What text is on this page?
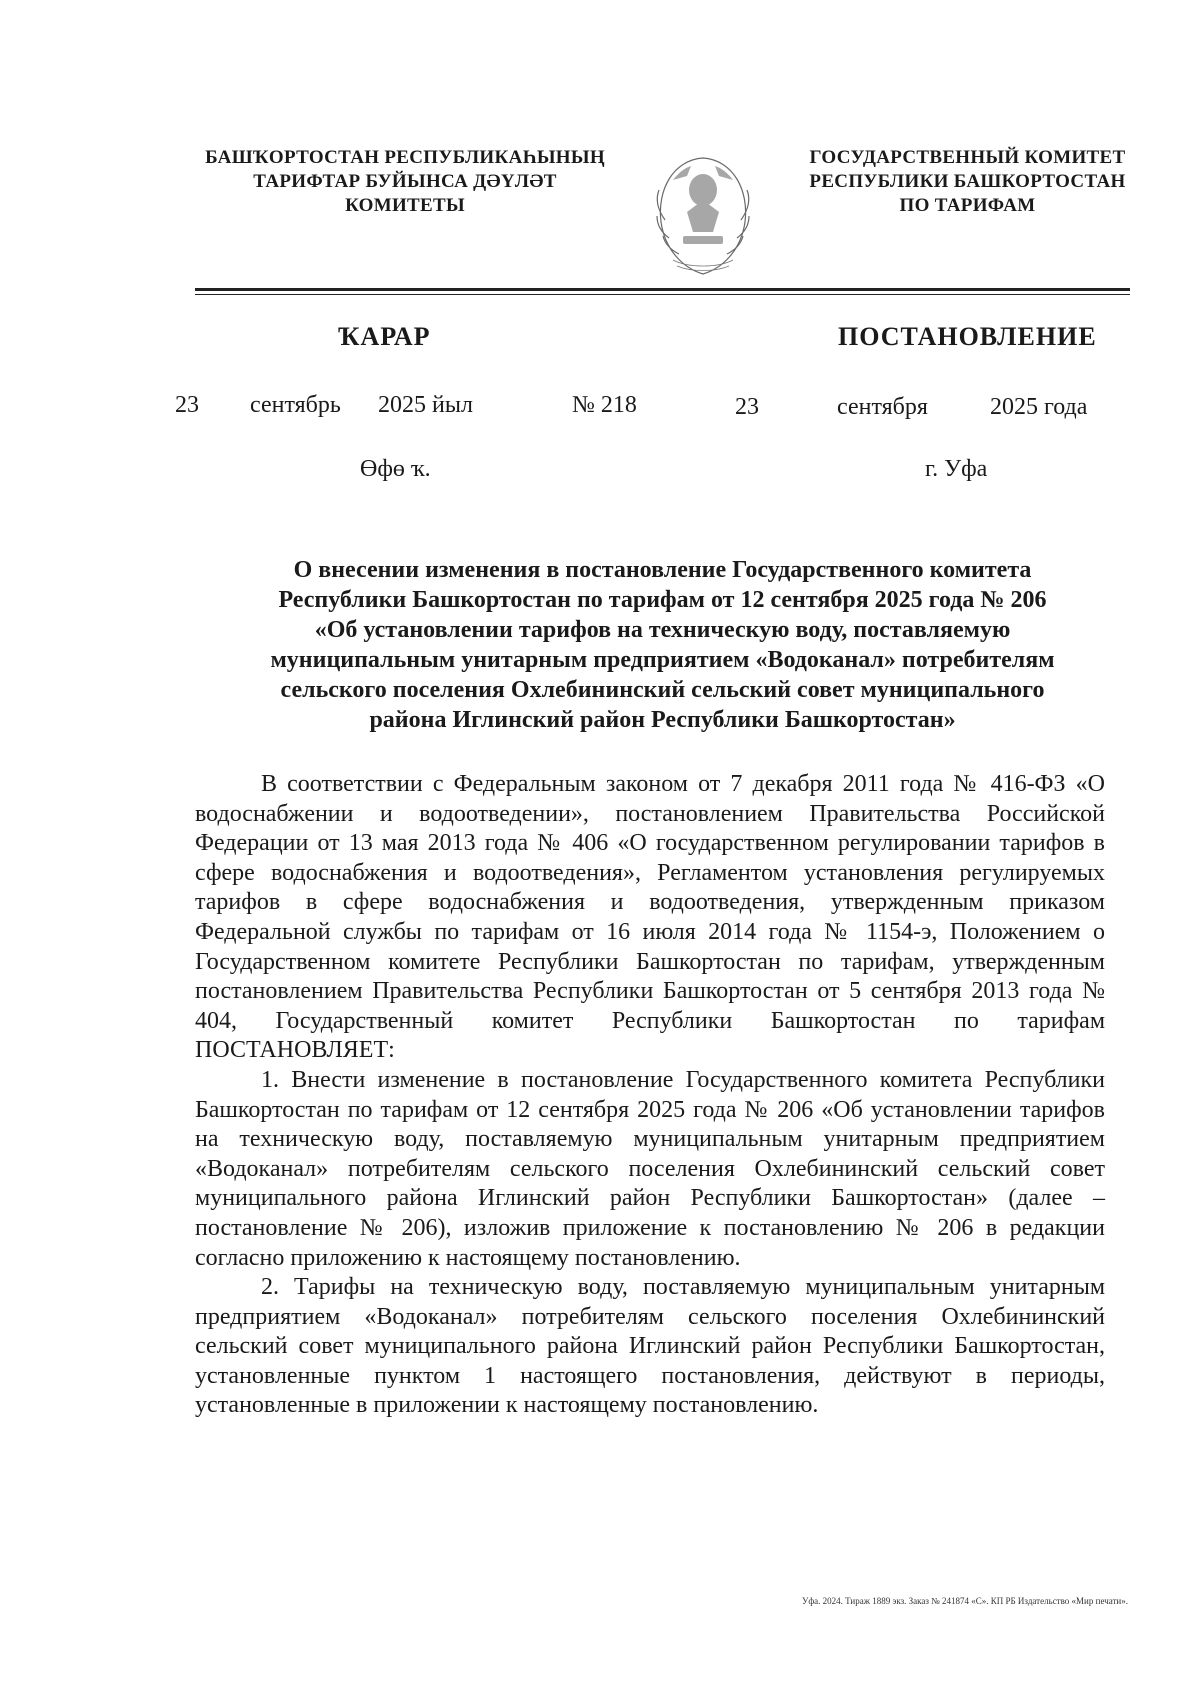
БАШҠОРТОСТАН РЕСПУБЛИКАҺЫНЫҢ
ТАРИФТАР БУЙЫНСА ДӘҮЛӘТ
КОМИТЕТЫ
ГОСУДАРСТВЕННЫЙ КОМИТЕТ
РЕСПУБЛИКИ БАШКОРТОСТАН
ПО ТАРИФАМ
ҠАРАР	ПОСТАНОВЛЕНИЕ
23 сентябрь 2025 йыл	№ 218	23	сентября	2025 года
Өфө ҡ.	г. Уфа
О внесении изменения в постановление Государственного комитета
Республики Башкортостан по тарифам от 12 сентября 2025 года № 206
«Об установлении тарифов на техническую воду, поставляемую
муниципальным унитарным предприятием «Водоканал» потребителям
сельского поселения Охлебининский сельский совет муниципального
района Иглинский район Республики Башкортостан»

В соответствии с Федеральным законом от 7 декабря 2011 года № 416-ФЗ «О водоснабжении и водоотведении», постановлением Правительства Российской Федерации от 13 мая 2013 года № 406 «О государственном регулировании тарифов в сфере водоснабжения и водоотведения», Регламентом установления регулируемых тарифов в сфере водоснабжения и водоотведения, утвержденным приказом Федеральной службы по тарифам от 16 июля 2014 года № 1154-э, Положением о Государственном комитете Республики Башкортостан по тарифам, утвержденным постановлением Правительства Республики Башкортостан от 5 сентября 2013 года № 404, Государственный комитет Республики Башкортостан по тарифам ПОСТАНОВЛЯЕТ:

1. Внести изменение в постановление Государственного комитета Республики Башкортостан по тарифам от 12 сентября 2025 года № 206 «Об установлении тарифов на техническую воду, поставляемую муниципальным унитарным предприятием «Водоканал» потребителям сельского поселения Охлебининский сельский совет муниципального района Иглинский район Республики Башкортостан» (далее – постановление № 206), изложив приложение к постановлению № 206 в редакции согласно приложению к настоящему постановлению.

2. Тарифы на техническую воду, поставляемую муниципальным унитарным предприятием «Водоканал» потребителям сельского поселения Охлебининский сельский совет муниципального района Иглинский район Республики Башкортостан, установленные пунктом 1 настоящего постановления, действуют в периоды, установленные в приложении к настоящему постановлению.

Уфа. 2024. Тираж 1889 экз. Заказ № 241874 «С». КП РБ Издательство «Мир печати».
